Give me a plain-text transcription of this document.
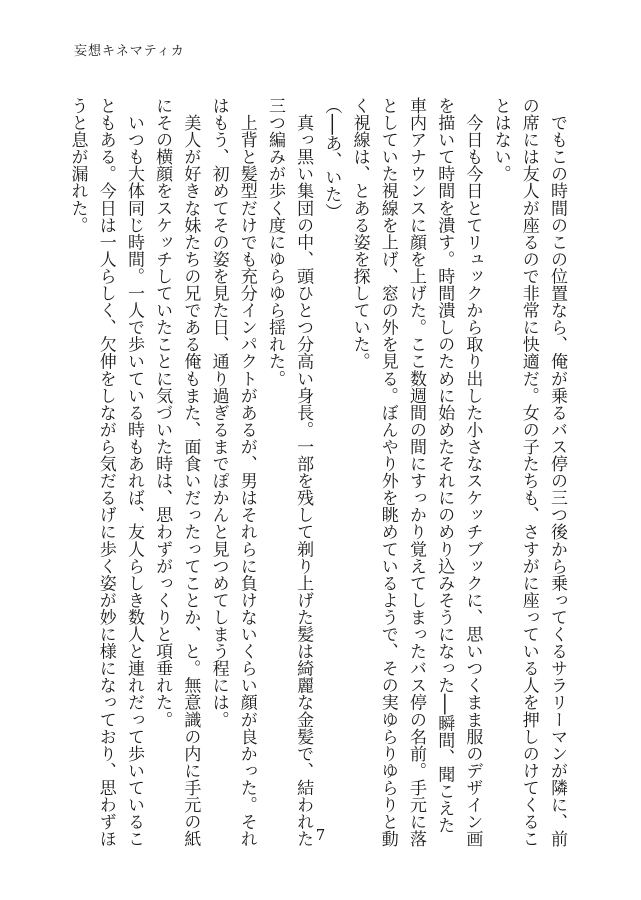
妄想キネマティカ
　でもこの時間のこの位置なら、俺が乗るバス停の三つ後から乗ってくるサラリーマンが隣に、前
の席には友人が座るので非常に快適だ。女の子たちも、さすがに座っている人を押しのけてくるこ
とはない。
　今日も今日とてリュックから取り出した小さなスケッチブックに、思いつくまま服のデザイン画
を描いて時間を潰す。時間潰しのために始めたそれにのめり込みそうになった──瞬間、聞こえた
車内アナウンスに顔を上げた。ここ数週間の間にすっかり覚えてしまったバス停の名前。手元に落
としていた視線を上げ、窓の外を見る。ぼんやり外を眺めているようで、その実ゆらりゆらりと動
く視線は、とある姿を探していた。
（──あ、いた）
　真っ黒い集団の中、頭ひとつ分高い身長。一部を残して剃り上げた髪は綺麗な金髪で、結われた
三つ編みが歩く度にゆらゆら揺れた。
　上背と髪型だけでも充分インパクトがあるが、男はそれらに負けないくらい顔が良かった。それ
はもう、初めてその姿を見た日、通り過ぎるまでぽかんと見つめてしまう程には。
　美人が好きな妹たちの兄である俺もまた、面食いだったってことか、と。無意識の内に手元の紙
にその横顔をスケッチしていたことに気づいた時は、思わずがっくりと項垂れた。
　いつも大体同じ時間。一人で歩いている時もあれば、友人らしき数人と連れだって歩いているこ
ともある。今日は一人らしく、欠伸をしながら気だるげに歩く姿が妙に様になっており、思わずほ
うと息が漏れた。
7
